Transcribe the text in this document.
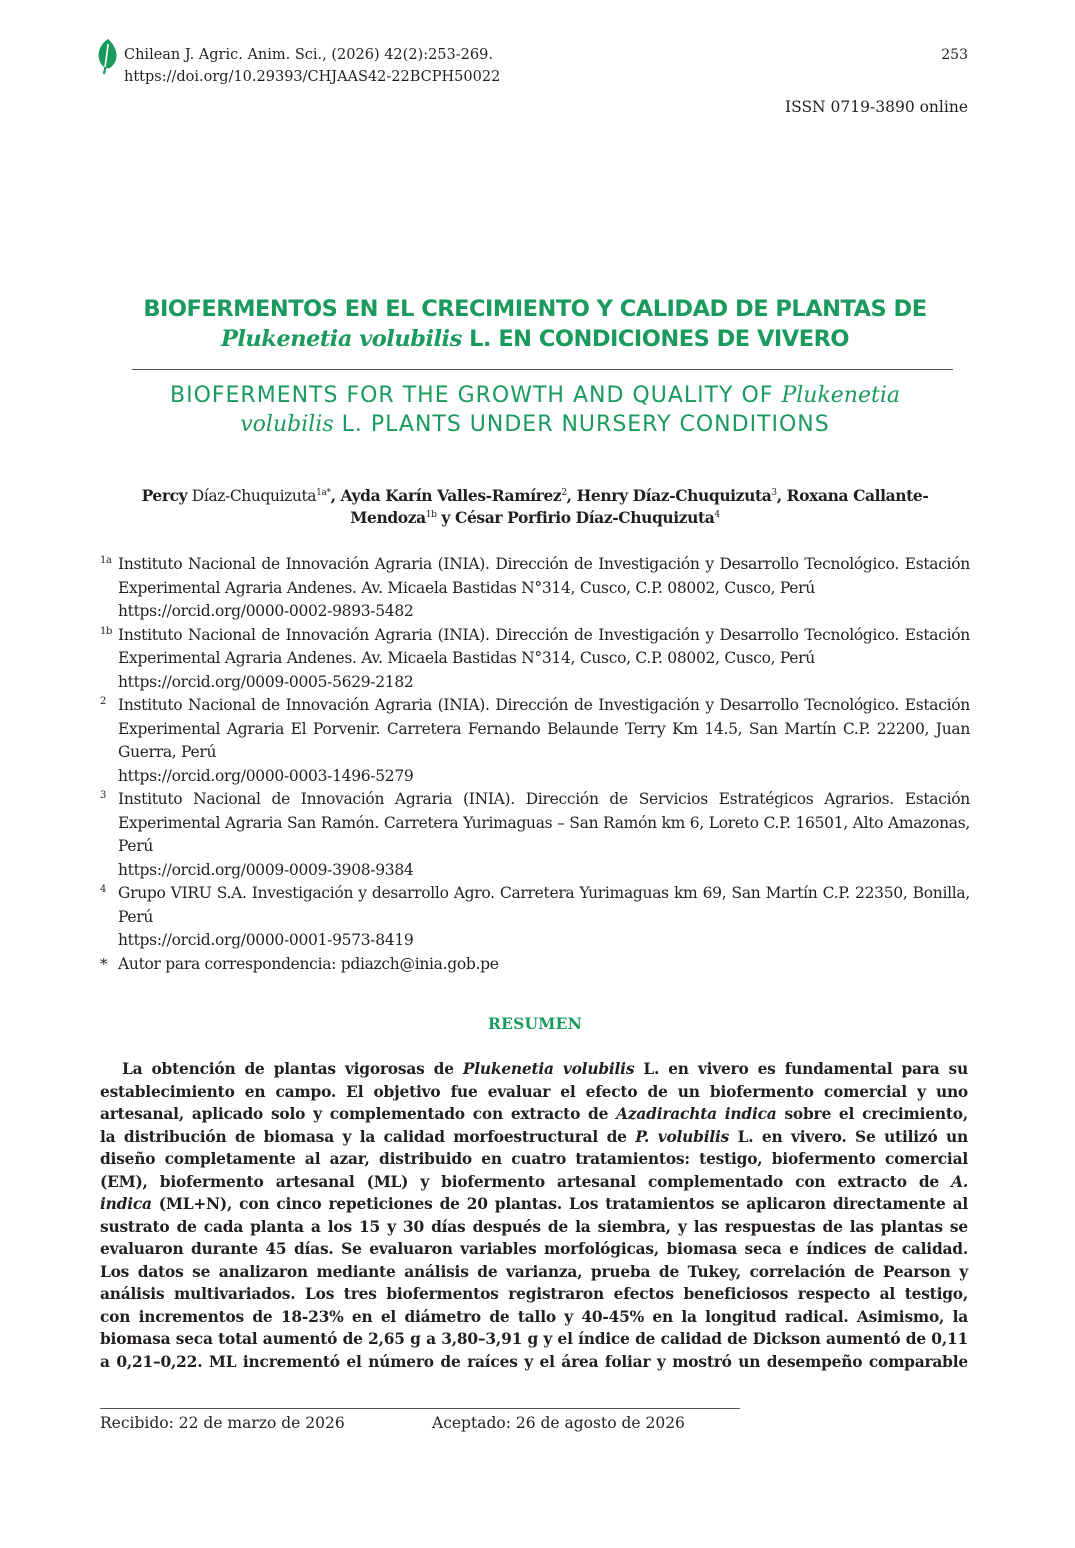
Chilean J. Agric. Anim. Sci., (2026) 42(2):253-269.
https://doi.org/10.29393/CHJAAS42-22BCPH50022
253
ISSN 0719-3890 online
BIOFERMENTOS EN EL CRECIMIENTO Y CALIDAD DE PLANTAS DE
Plukenetia volubilis L. EN CONDICIONES DE VIVERO
BIOFERMENTS FOR THE GROWTH AND QUALITY OF Plukenetia
volubilis L. PLANTS UNDER NURSERY CONDITIONS
Percy Díaz-Chuquizuta$^{1a*}$, Ayda Karín Valles-Ramírez$^2$, Henry Díaz-Chuquizuta$^3$, Roxana Callante-
Mendoza$^{1b}$ y César Porfirio Díaz-Chuquizuta$^4$
1a Instituto Nacional de Innovación Agraria (INIA). Dirección de Investigación y Desarrollo Tecnológico. Estación Experimental Agraria Andenes. Av. Micaela Bastidas N°314, Cusco, C.P. 08002, Cusco, Perú
https://orcid.org/0000-0002-9893-5482
1b Instituto Nacional de Innovación Agraria (INIA). Dirección de Investigación y Desarrollo Tecnológico. Estación Experimental Agraria Andenes. Av. Micaela Bastidas N°314, Cusco, C.P. 08002, Cusco, Perú
https://orcid.org/0009-0005-5629-2182
2 Instituto Nacional de Innovación Agraria (INIA). Dirección de Investigación y Desarrollo Tecnológico. Estación Experimental Agraria El Porvenir. Carretera Fernando Belaunde Terry Km 14.5, San Martín C.P. 22200, Juan Guerra, Perú
https://orcid.org/0000-0003-1496-5279
3 Instituto Nacional de Innovación Agraria (INIA). Dirección de Servicios Estratégicos Agrarios. Estación Experimental Agraria San Ramón. Carretera Yurimaguas – San Ramón km 6, Loreto C.P. 16501, Alto Amazonas, Perú
https://orcid.org/0009-0009-3908-9384
4 Grupo VIRU S.A. Investigación y desarrollo Agro. Carretera Yurimaguas km 69, San Martín C.P. 22350, Bonilla, Perú
https://orcid.org/0000-0001-9573-8419
* Autor para correspondencia: pdiazch@inia.gob.pe
RESUMEN
La obtención de plantas vigorosas de Plukenetia volubilis L. en vivero es fundamental para su
establecimiento en campo. El objetivo fue evaluar el efecto de un biofermento comercial y uno
artesanal, aplicado solo y complementado con extracto de Azadirachta indica sobre el crecimiento,
la distribución de biomasa y la calidad morfoestructural de P. volubilis L. en vivero. Se utilizó un
diseño completamente al azar, distribuido en cuatro tratamientos: testigo, biofermento comercial
(EM), biofermento artesanal (ML) y biofermento artesanal complementado con extracto de A.
indica (ML+N), con cinco repeticiones de 20 plantas. Los tratamientos se aplicaron directamente al
sustrato de cada planta a los 15 y 30 días después de la siembra, y las respuestas de las plantas se
evaluaron durante 45 días. Se evaluaron variables morfológicas, biomasa seca e índices de calidad.
Los datos se analizaron mediante análisis de varianza, prueba de Tukey, correlación de Pearson y
análisis multivariados. Los tres biofermentos registraron efectos beneficiosos respecto al testigo,
con incrementos de 18-23% en el diámetro de tallo y 40-45% en la longitud radical. Asimismo, la
biomasa seca total aumentó de 2,65 g a 3,80–3,91 g y el índice de calidad de Dickson aumentó de 0,11
a 0,21–0,22. ML incrementó el número de raíces y el área foliar y mostró un desempeño comparable
Recibido: 22 de marzo de 2026	Aceptado: 26 de agosto de 2026
